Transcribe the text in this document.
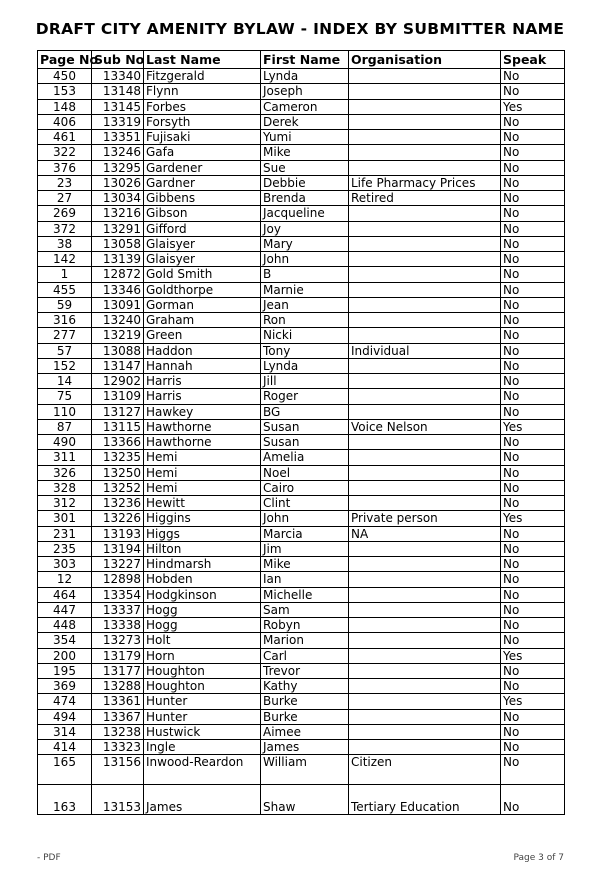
DRAFT CITY AMENITY BYLAW - INDEX BY SUBMITTER NAME
Page No	Sub No	Last Name	First Name	Organisation	Speak
450	13340	Fitzgerald	Lynda		No
153	13148	Flynn	Joseph		No
148	13145	Forbes	Cameron		Yes
406	13319	Forsyth	Derek		No
461	13351	Fujisaki	Yumi		No
322	13246	Gafa	Mike		No
376	13295	Gardener	Sue		No
23	13026	Gardner	Debbie	Life Pharmacy Prices	No
27	13034	Gibbens	Brenda	Retired	No
269	13216	Gibson	Jacqueline		No
372	13291	Gifford	Joy		No
38	13058	Glaisyer	Mary		No
142	13139	Glaisyer	John		No
1	12872	Gold Smith	B		No
455	13346	Goldthorpe	Marnie		No
59	13091	Gorman	Jean		No
316	13240	Graham	Ron		No
277	13219	Green	Nicki		No
57	13088	Haddon	Tony	Individual	No
152	13147	Hannah	Lynda		No
14	12902	Harris	Jill		No
75	13109	Harris	Roger		No
110	13127	Hawkey	BG		No
87	13115	Hawthorne	Susan	Voice Nelson	Yes
490	13366	Hawthorne	Susan		No
311	13235	Hemi	Amelia		No
326	13250	Hemi	Noel		No
328	13252	Hemi	Cairo		No
312	13236	Hewitt	Clint		No
301	13226	Higgins	John	Private person	Yes
231	13193	Higgs	Marcia	NA	No
235	13194	Hilton	Jim		No
303	13227	Hindmarsh	Mike		No
12	12898	Hobden	Ian		No
464	13354	Hodgkinson	Michelle		No
447	13337	Hogg	Sam		No
448	13338	Hogg	Robyn		No
354	13273	Holt	Marion		No
200	13179	Horn	Carl		Yes
195	13177	Houghton	Trevor		No
369	13288	Houghton	Kathy		No
474	13361	Hunter	Burke		Yes
494	13367	Hunter	Burke		No
314	13238	Hustwick	Aimee		No
414	13323	Ingle	James		No
165	13156	Inwood-Reardon	William	Citizen	No
163	13153	James	Shaw	Tertiary Education	No
- PDF	Page 3 of 7
